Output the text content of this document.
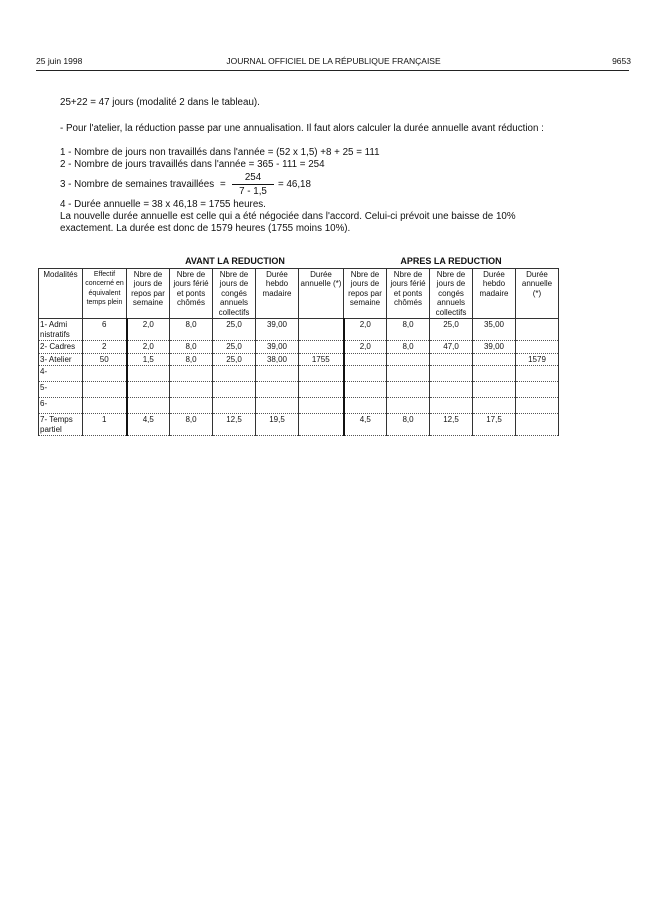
25 juin 1998	JOURNAL OFFICIEL DE LA RÉPUBLIQUE FRANÇAISE	9653
25+22 = 47 jours (modalité 2 dans le tableau).
- Pour l'atelier, la réduction passe par une annualisation. Il faut alors calculer la durée annuelle avant réduction :
1 - Nombre de jours non travaillés dans l'année = (52 x 1,5) +8 + 25 = 111
2 - Nombre de jours travaillés dans l'année = 365 - 111 = 254
3 - Nombre de semaines travaillées =
254
7 - 1,5
= 46,18
4 - Durée annuelle = 38 x 46,18 = 1755 heures.
La nouvelle durée annuelle est celle qui a été négociée dans l'accord. Celui-ci prévoit une baisse de 10% exactement. La durée est donc de 1579 heures (1755 moins 10%).
		AVANT LA REDUCTION					APRES LA REDUCTION				
Modalités	Effectif concerné en équivalent temps plein	Nbre de jours de repos par semaine	Nbre de jours férié et ponts chômés	Nbre de jours de congés annuels collectifs	Durée hebdo madaire	Durée annuelle (*)	Nbre de jours de repos par semaine	Nbre de jours férié et ponts chômés	Nbre de jours de congés annuels collectifs	Durée hebdo madaire	Durée annuelle (*)
1- Admi nistratifs	6	2,0	8,0	25,0	39,00		2,0	8,0	25,0	35,00	
2- Cadres	2	2,0	8,0	25,0	39,00		2,0	8,0	47,0	39,00	
3- Atelier	50	1,5	8,0	25,0	38,00	1755					1579
4-											
5-											
6-											
7- Temps partiel	1	4,5	8,0	12,5	19,5		4,5	8,0	12,5	17,5	
